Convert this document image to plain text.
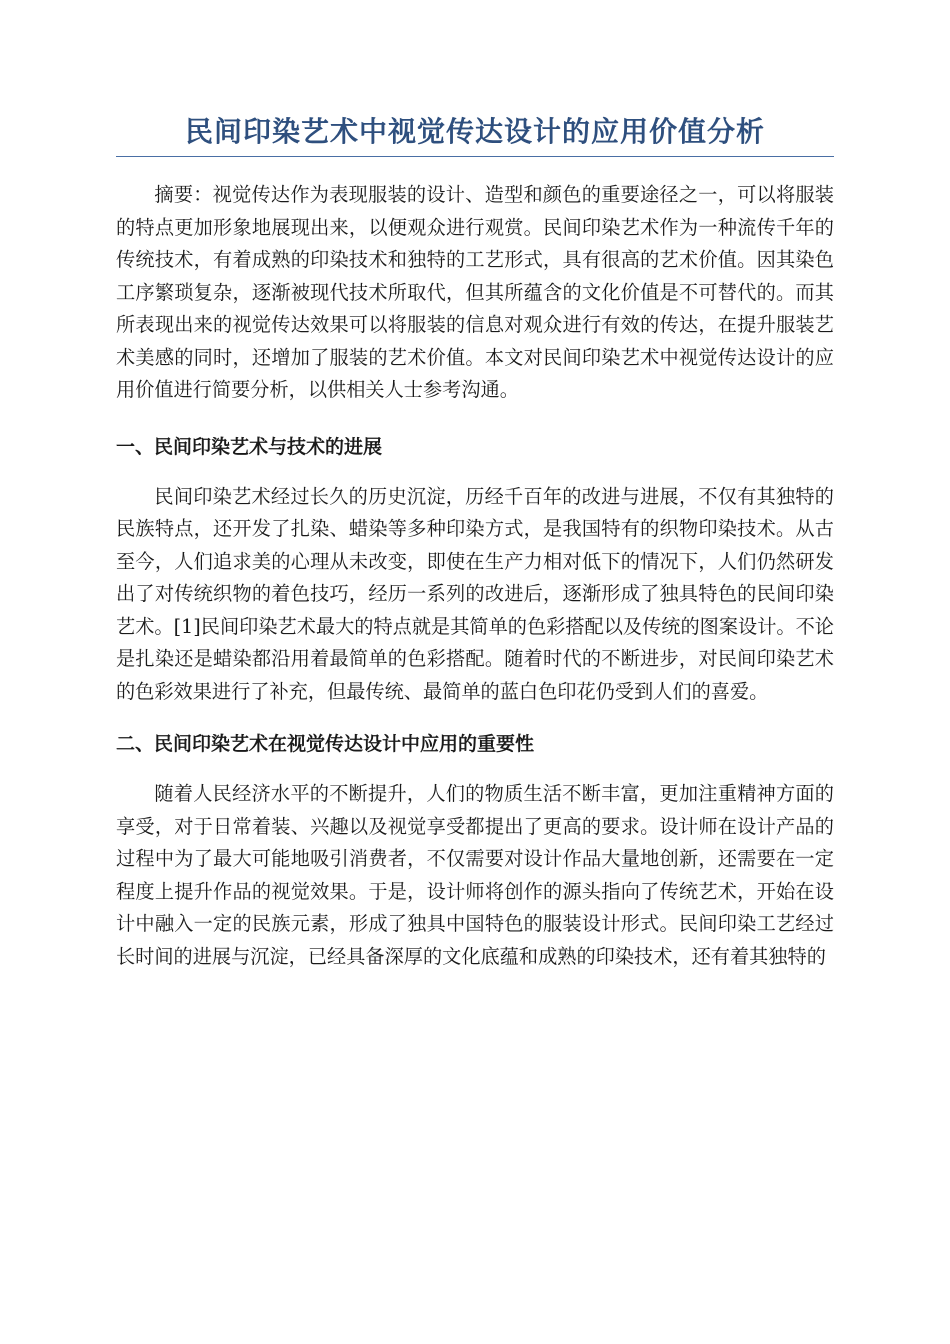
民间印染艺术中视觉传达设计的应用价值分析

摘要：视觉传达作为表现服装的设计、造型和颜色的重要途径之一，可以将服装的特点更加形象地展现出来，以便观众进行观赏。民间印染艺术作为一种流传千年的传统技术，有着成熟的印染技术和独特的工艺形式，具有很高的艺术价值。因其染色工序繁琐复杂，逐渐被现代技术所取代，但其所蕴含的文化价值是不可替代的。而其所表现出来的视觉传达效果可以将服装的信息对观众进行有效的传达，在提升服装艺术美感的同时，还增加了服装的艺术价值。本文对民间印染艺术中视觉传达设计的应用价值进行简要分析，以供相关人士参考沟通。

一、民间印染艺术与技术的进展

民间印染艺术经过长久的历史沉淀，历经千百年的改进与进展，不仅有其独特的民族特点，还开发了扎染、蜡染等多种印染方式，是我国特有的织物印染技术。从古至今，人们追求美的心理从未改变，即使在生产力相对低下的情况下，人们仍然研发出了对传统织物的着色技巧，经历一系列的改进后，逐渐形成了独具特色的民间印染艺术。[1]民间印染艺术最大的特点就是其简单的色彩搭配以及传统的图案设计。不论是扎染还是蜡染都沿用着最简单的色彩搭配。随着时代的不断进步，对民间印染艺术的色彩效果进行了补充，但最传统、最简单的蓝白色印花仍受到人们的喜爱。

二、民间印染艺术在视觉传达设计中应用的重要性

随着人民经济水平的不断提升，人们的物质生活不断丰富，更加注重精神方面的享受，对于日常着装、兴趣以及视觉享受都提出了更高的要求。设计师在设计产品的过程中为了最大可能地吸引消费者，不仅需要对设计作品大量地创新，还需要在一定程度上提升作品的视觉效果。于是，设计师将创作的源头指向了传统艺术，开始在设计中融入一定的民族元素，形成了独具中国特色的服装设计形式。民间印染工艺经过长时间的进展与沉淀，已经具备深厚的文化底蕴和成熟的印染技术，还有着其独特的
